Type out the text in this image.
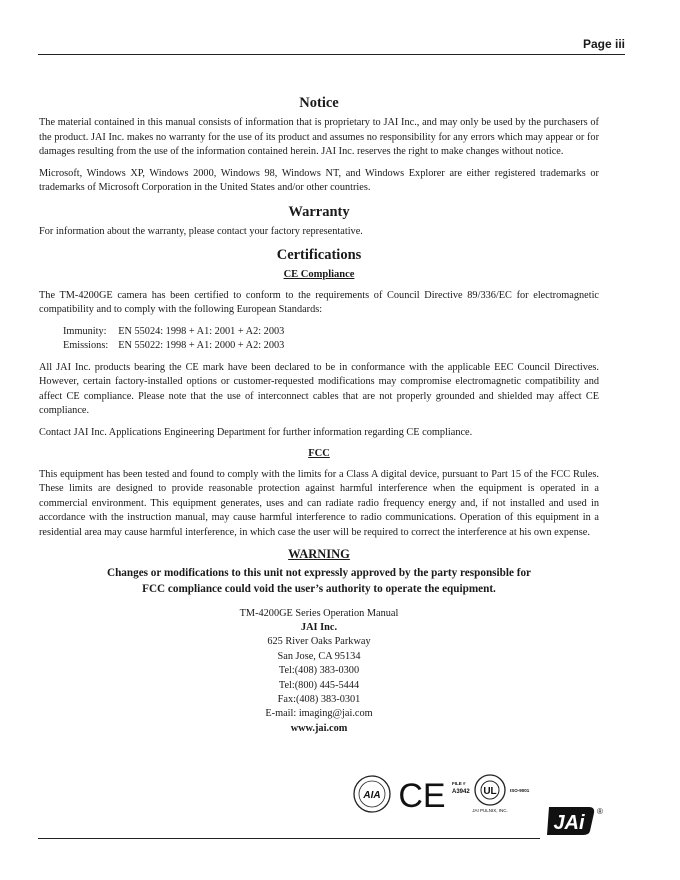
Page iii
Notice

The material contained in this manual consists of information that is proprietary to JAI Inc., and may only be used by the purchasers of the product. JAI Inc. makes no warranty for the use of its product and assumes no responsibility for any errors which may appear or for damages resulting from the use of the information contained herein. JAI Inc. reserves the right to make changes without notice.

Microsoft, Windows XP, Windows 2000, Windows 98, Windows NT, and Windows Explorer are either registered trademarks or trademarks of Microsoft Corporation in the United States and/or other countries.

Warranty

For information about the warranty, please contact your factory representative.

Certifications
CE Compliance

The TM-4200GE camera has been certified to conform to the requirements of Council Directive 89/336/EC for electromagnetic compatibility and to comply with the following European Standards:

Immunity:	EN 55024: 1998 + A1: 2001 + A2: 2003
Emissions:	EN 55022: 1998 + A1: 2000 + A2: 2003

All JAI Inc. products bearing the CE mark have been declared to be in conformance with the applicable EEC Council Directives. However, certain factory-installed options or customer-requested modifications may compromise electromagnetic compatibility and affect CE compliance. Please note that the use of interconnect cables that are not properly grounded and shielded may affect CE compliance.

Contact JAI Inc. Applications Engineering Department for further information regarding CE compliance.

FCC

This equipment has been tested and found to comply with the limits for a Class A digital device, pursuant to Part 15 of the FCC Rules. These limits are designed to provide reasonable protection against harmful interference when the equipment is operated in a commercial environment. This equipment generates, uses and can radiate radio frequency energy and, if not installed and used in accordance with the instruction manual, may cause harmful interference to radio communications. Operation of this equipment in a residential area may cause harmful interference, in which case the user will be required to correct the interference at his own expense.

WARNING
Changes or modifications to this unit not expressly approved by the party responsible for
FCC compliance could void the user’s authority to operate the equipment.
TM-4200GE Series Operation Manual
JAI Inc.
625 River Oaks Parkway
San Jose, CA 95134
Tel:(408) 383-0300
Tel:(800) 445-5444
Fax:(408) 383-0301
E-mail: imaging@jai.com
www.jai.com
AIA CE FILE #
A3942 UL	ISO-9001
JAI PULNIX, INC.
JAi
®
